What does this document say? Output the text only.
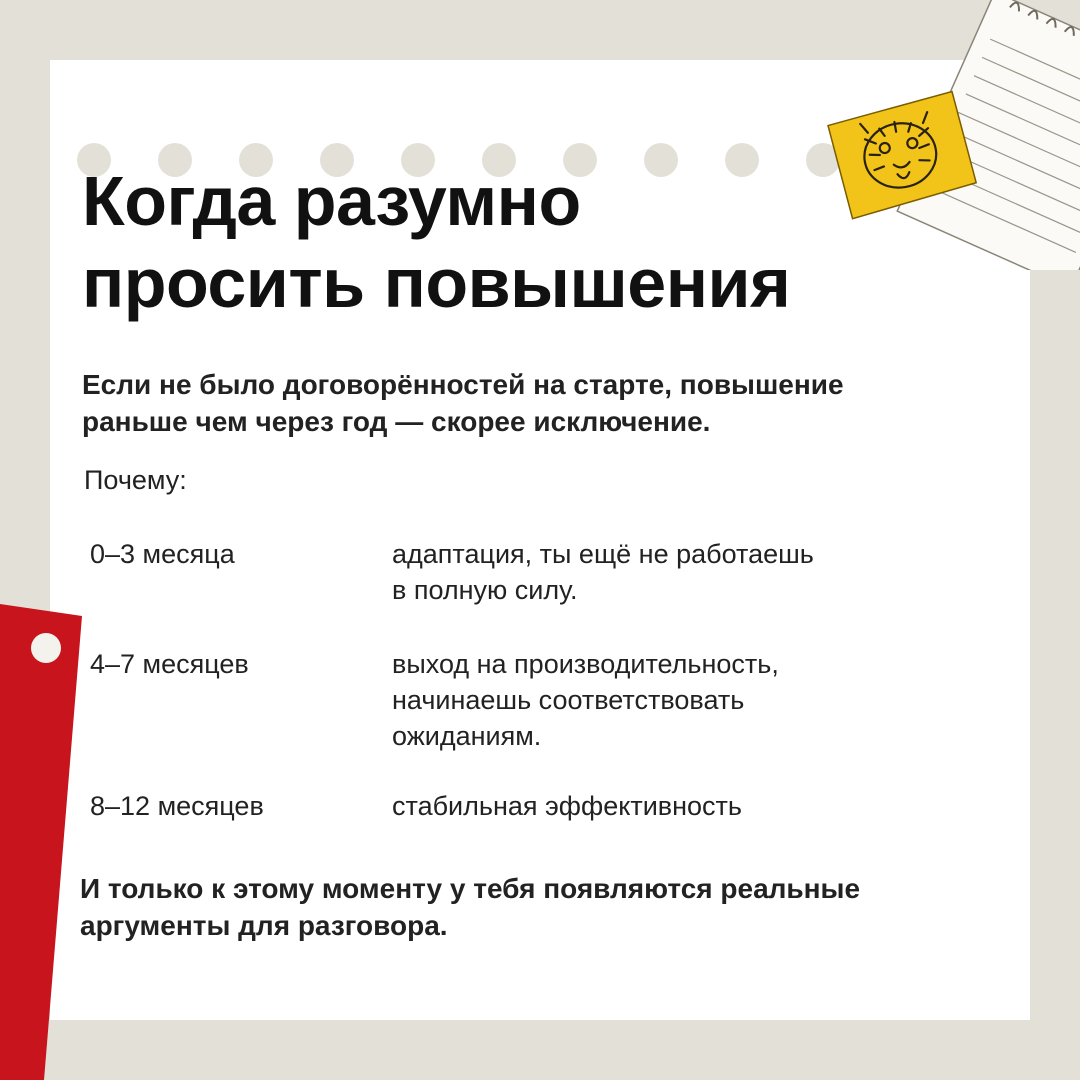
Когда разумно
просить повышения

Если не было договорённостей на старте, повышение
раньше чем через год — скорее исключение.

Почему:

0–3 месяца	адаптация, ты ещё не работаешь
в полную силу.

4–7 месяцев	выход на производительность,
начинаешь соответствовать
ожиданиям.

8–12 месяцев	стабильная эффективность

И только к этому моменту у тебя появляются реальные
аргументы для разговора.
